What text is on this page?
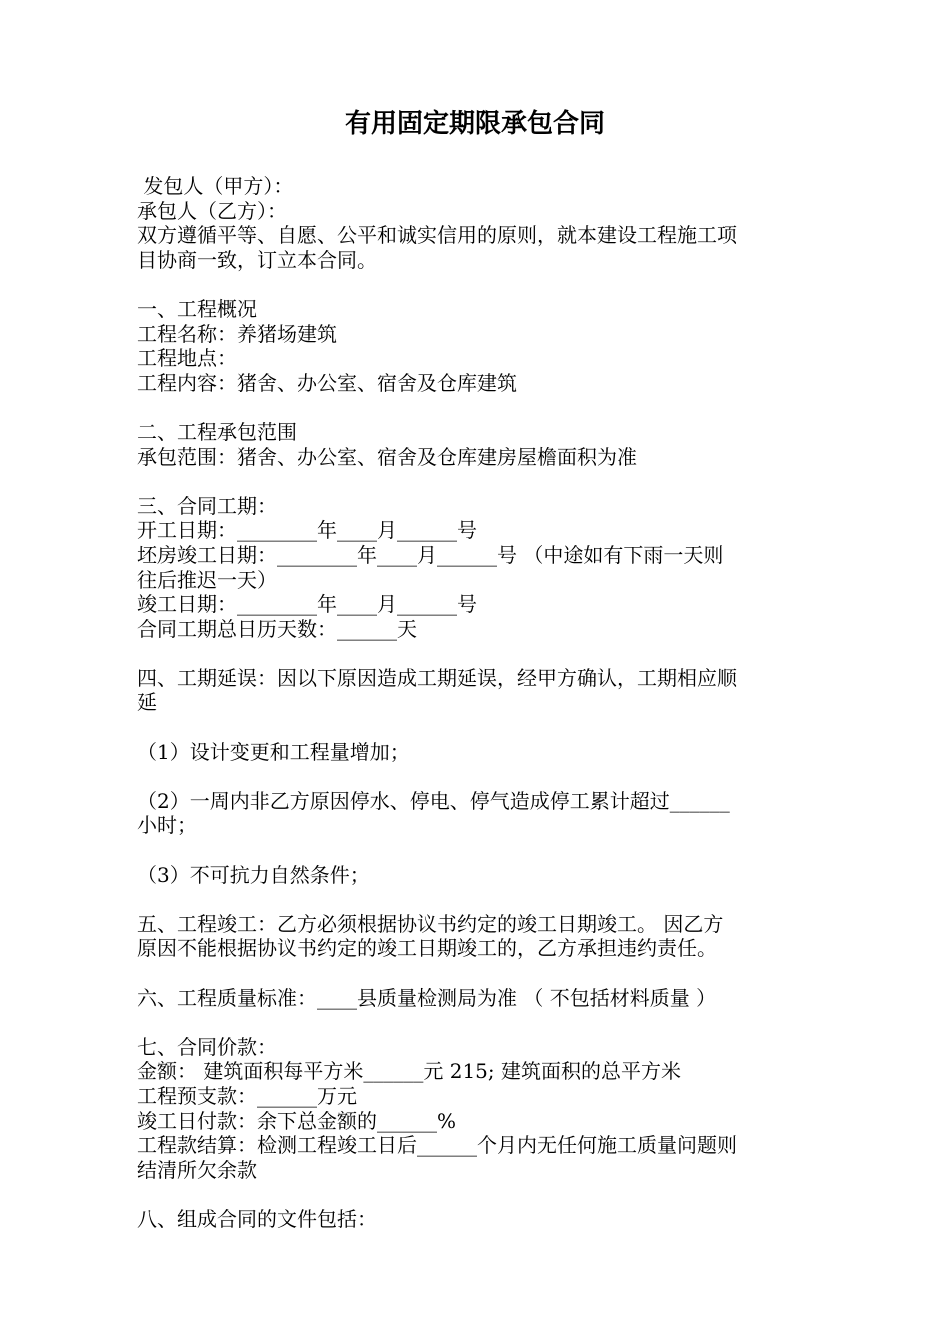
有用固定期限承包合同
发包人（甲方）：
承包人（乙方）：
双方遵循平等、自愿、公平和诚实信用的原则，就本建设工程施工项
目协商一致，订立本合同。
一、工程概况
工程名称：养猪场建筑
工程地点：
工程内容：猪舍、办公室、宿舍及仓库建筑
二、工程承包范围
承包范围：猪舍、办公室、宿舍及仓库建房屋檐面积为准
三、合同工期：
开工日期：________年____月______号
坯房竣工日期：________年____月______号 （中途如有下雨一天则
往后推迟一天）
竣工日期：________年____月______号
合同工期总日历天数：______天
四、工期延误：因以下原因造成工期延误，经甲方确认，工期相应顺
延
（1）设计变更和工程量增加；
（2）一周内非乙方原因停水、停电、停气造成停工累计超过______
小时；
（3）不可抗力自然条件；
五、工程竣工：乙方必须根据协议书约定的竣工日期竣工。 因乙方
原因不能根据协议书约定的竣工日期竣工的，乙方承担违约责任。
六、工程质量标准：____县质量检测局为准 （ 不包括材料质量 ）
七、合同价款：
金额： 建筑面积每平方米______元 215; 建筑面积的总平方米
工程预支款：______万元
竣工日付款：余下总金额的______%
工程款结算：检测工程竣工日后______个月内无任何施工质量问题则
结清所欠余款
八、组成合同的文件包括：
